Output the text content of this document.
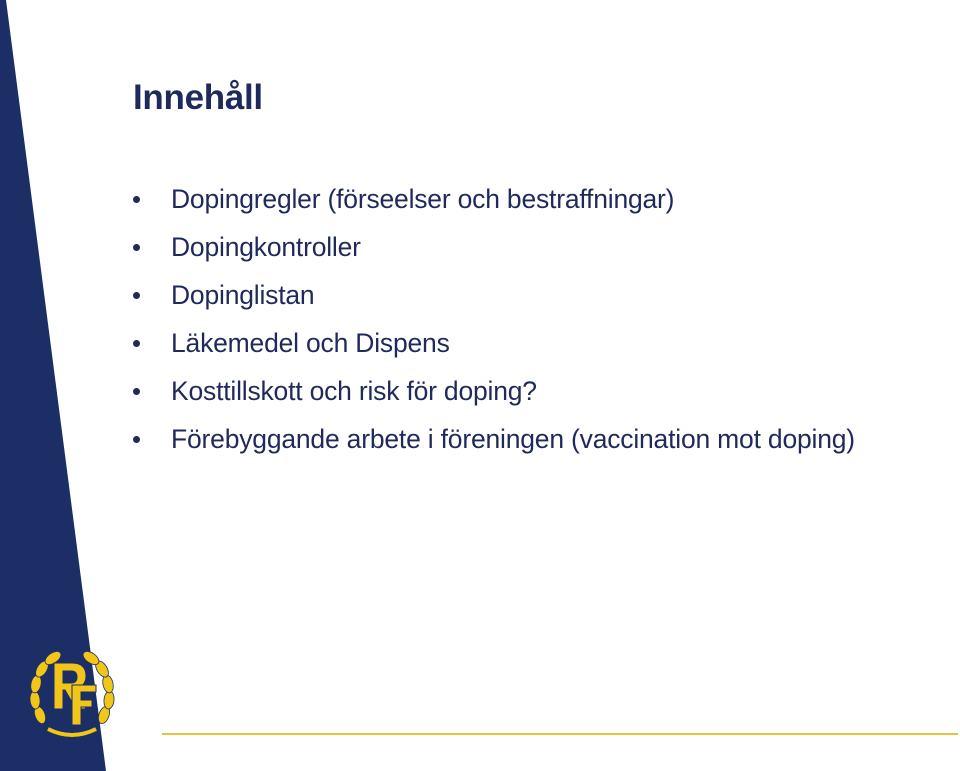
Innehåll
Dopingregler (förseelser och bestraffningar)
Dopingkontroller
Dopinglistan
Läkemedel och Dispens
Kosttillskott och risk för doping?
Förebyggande arbete i föreningen (vaccination mot doping)
